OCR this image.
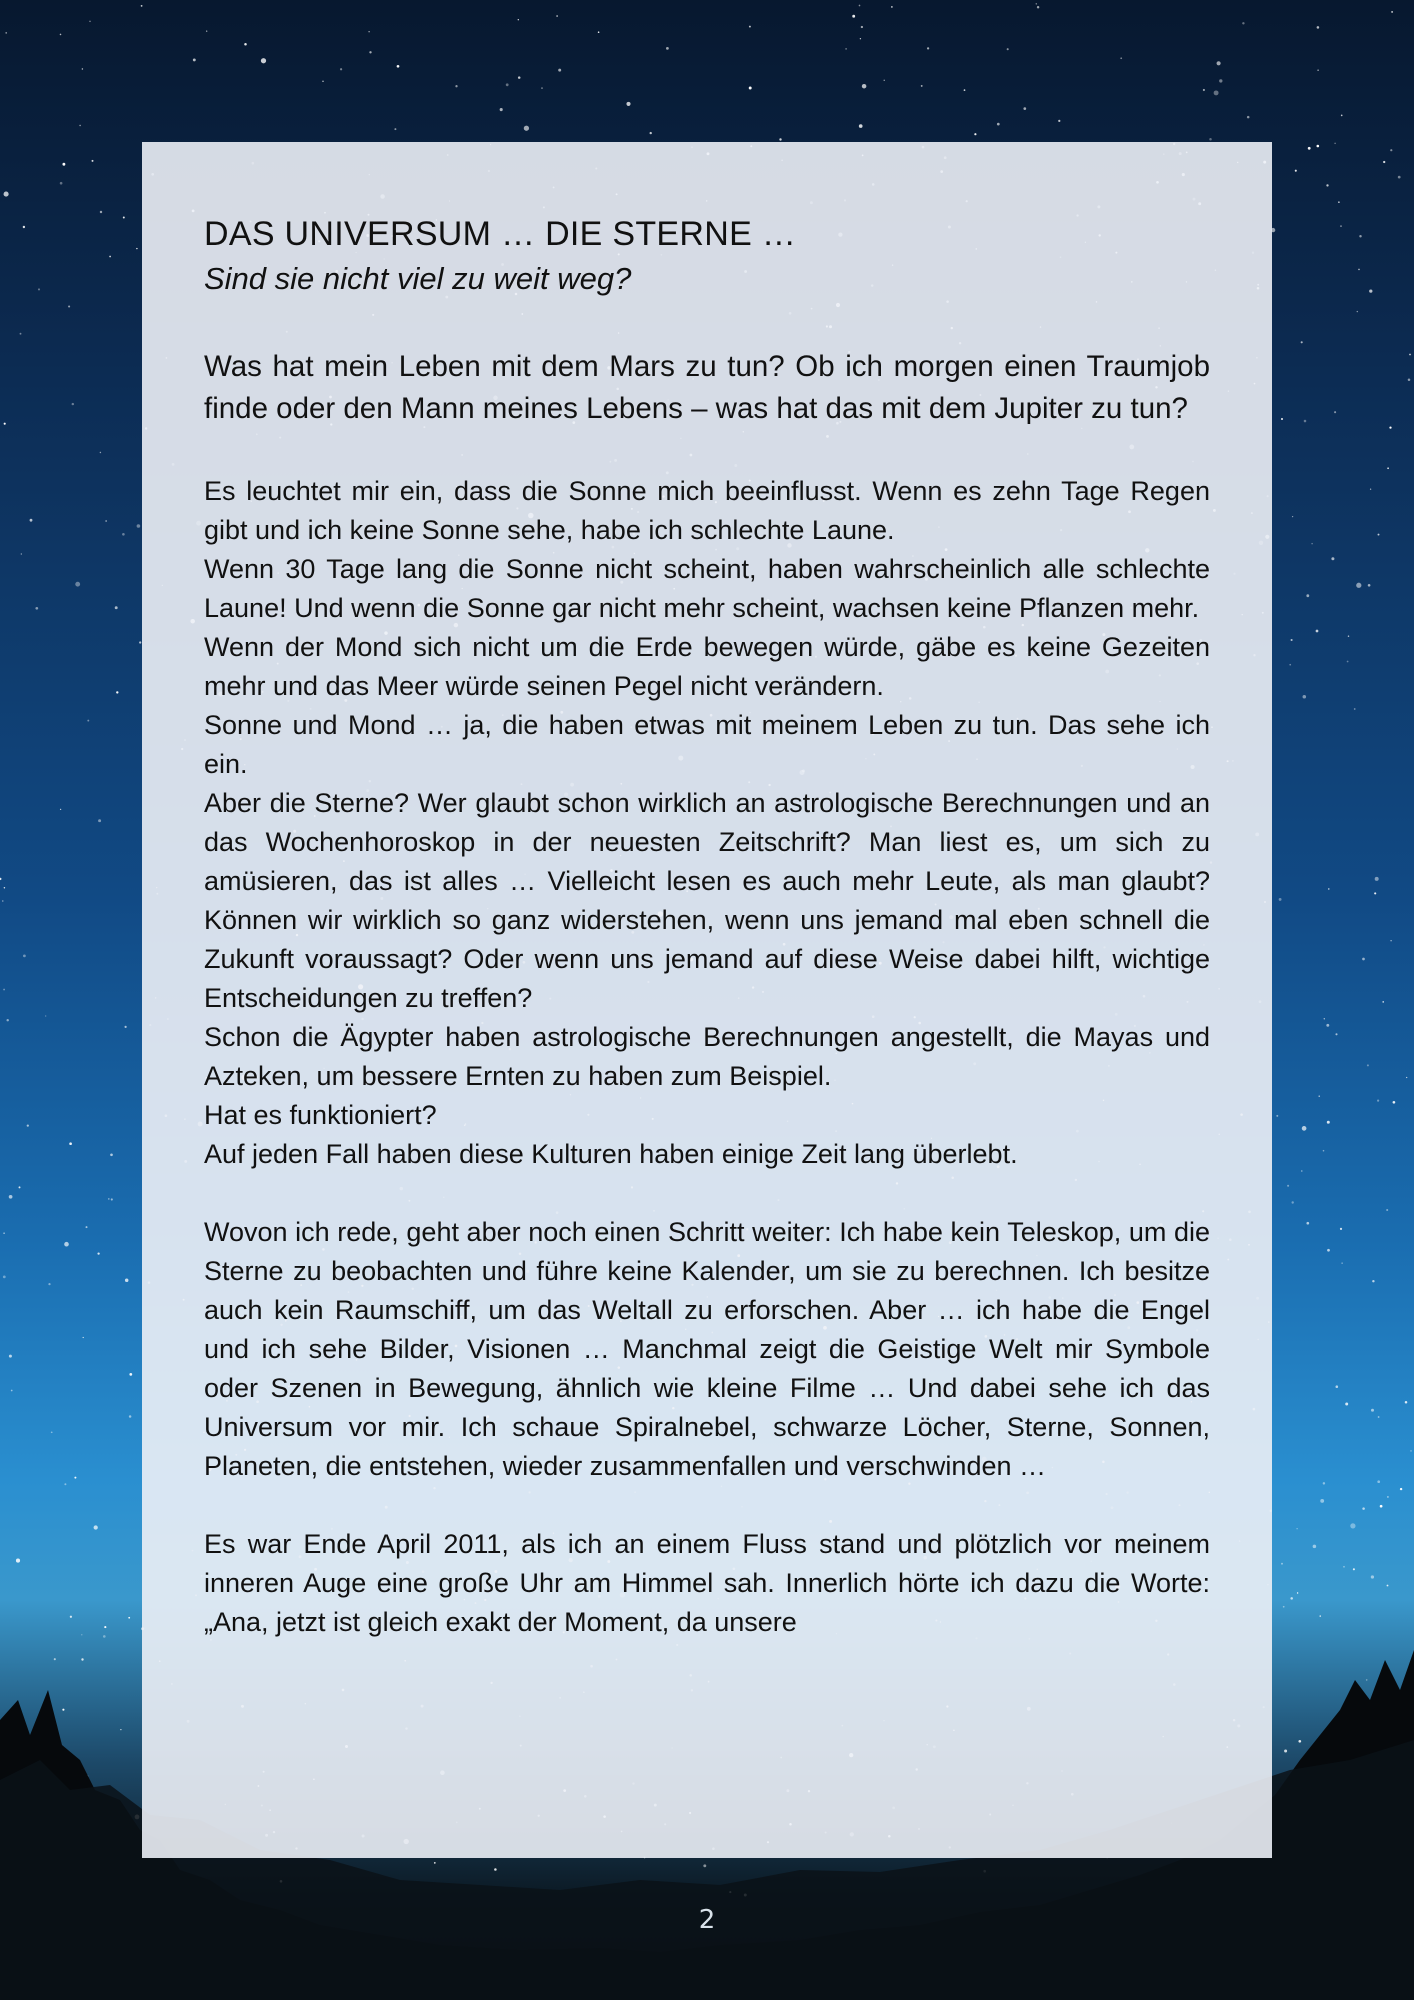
DAS UNIVERSUM … DIE STERNE …

Sind sie nicht viel zu weit weg?

Was hat mein Leben mit dem Mars zu tun? Ob ich morgen einen Traumjob finde oder den Mann meines Lebens – was hat das mit dem Jupiter zu tun?

Es leuchtet mir ein, dass die Sonne mich beeinflusst. Wenn es zehn Tage Regen gibt und ich keine Sonne sehe, habe ich schlechte Laune.

Wenn 30 Tage lang die Sonne nicht scheint, haben wahrscheinlich alle schlechte Laune! Und wenn die Sonne gar nicht mehr scheint, wachsen keine Pflanzen mehr.

Wenn der Mond sich nicht um die Erde bewegen würde, gäbe es keine Gezeiten mehr und das Meer würde seinen Pegel nicht verändern.

Sonne und Mond … ja, die haben etwas mit meinem Leben zu tun. Das sehe ich ein.

Aber die Sterne? Wer glaubt schon wirklich an astrologische Berechnungen und an das Wochenhoroskop in der neuesten Zeitschrift? Man liest es, um sich zu amüsieren, das ist alles … Vielleicht lesen es auch mehr Leute, als man glaubt? Können wir wirklich so ganz widerstehen, wenn uns jemand mal eben schnell die Zukunft voraussagt? Oder wenn uns jemand auf diese Weise dabei hilft, wichtige Entscheidungen zu treffen?

Schon die Ägypter haben astrologische Berechnungen angestellt, die Mayas und Azteken, um bessere Ernten zu haben zum Beispiel.

Hat es funktioniert?

Auf jeden Fall haben diese Kulturen haben einige Zeit lang überlebt.

Wovon ich rede, geht aber noch einen Schritt weiter: Ich habe kein Teleskop, um die Sterne zu beobachten und führe keine Kalender, um sie zu berechnen. Ich besitze auch kein Raumschiff, um das Weltall zu erforschen. Aber … ich habe die Engel und ich sehe Bilder, Visionen … Manchmal zeigt die Geistige Welt mir Symbole oder Szenen in Bewegung, ähnlich wie kleine Filme … Und dabei sehe ich das Universum vor mir. Ich schaue Spiralnebel, schwarze Löcher, Sterne, Sonnen, Planeten, die entstehen, wieder zusammenfallen und verschwinden …

Es war Ende April 2011, als ich an einem Fluss stand und plötzlich vor meinem inneren Auge eine große Uhr am Himmel sah. Innerlich hörte ich dazu die Worte: „Ana, jetzt ist gleich exakt der Moment, da unsere

2
